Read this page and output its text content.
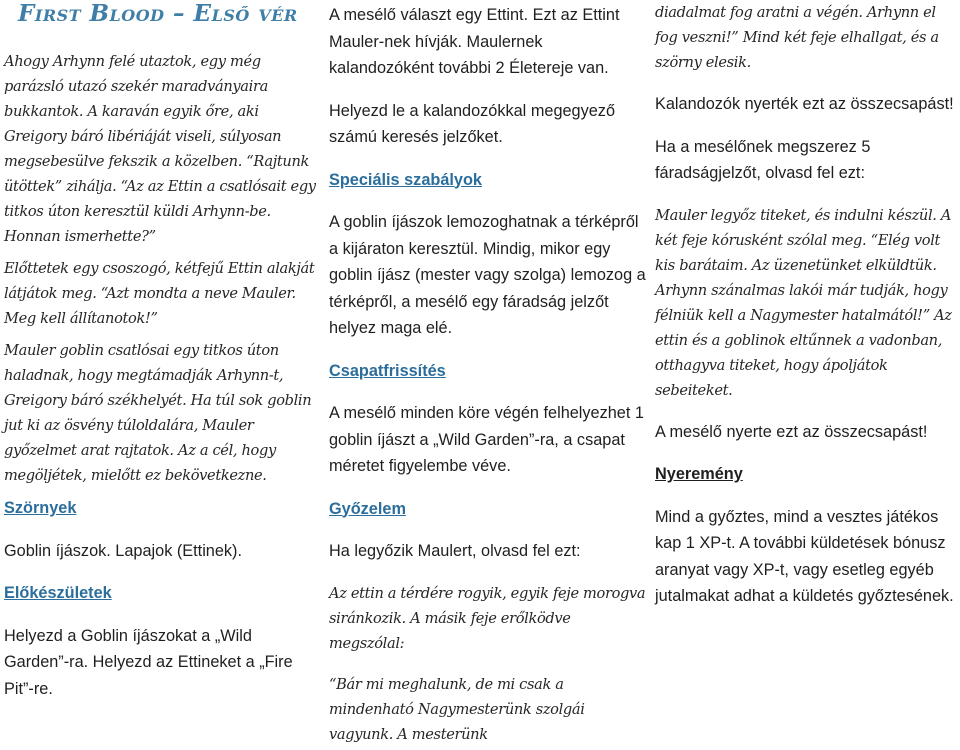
First Blood – Első vér

Ahogy Arhynn felé utaztok, egy még parázsló utazó szekér maradványaira bukkantok. A karaván egyik őre, aki Greigory báró libériáját viseli, súlyosan megsebesülve fekszik a közelben. “Rajtunk ütöttek” zihálja. “Az az Ettin a csatlósait egy titkos úton keresztül küldi Arhynn-be. Honnan ismerhette?”

Előttetek egy csoszogó, kétfejű Ettin alakját látjátok meg. “Azt mondta a neve Mauler. Meg kell állítanotok!”

Mauler goblin csatlósai egy titkos úton haladnak, hogy megtámadják Arhynn-t, Greigory báró székhelyét. Ha túl sok goblin jut ki az ösvény túloldalára, Mauler győzelmet arat rajtatok. Az a cél, hogy megöljétek, mielőtt ez bekövetkezne.

Szörnyek

Goblin íjászok. Lapajok (Ettinek).

Előkészületek

Helyezd a Goblin íjászokat a „Wild Garden”-ra. Helyezd az Ettineket a „Fire Pit”-re.

A mesélő választ egy Ettint. Ezt az Ettint Mauler-nek hívják. Maulernek kalandozóként további 2 Életereje van.

Helyezd le a kalandozókkal megegyező számú keresés jelzőket.

Speciális szabályok

A goblin íjászok lemozoghatnak a térképről a kijáraton keresztül. Mindig, mikor egy goblin íjász (mester vagy szolga) lemozog a térképről, a mesélő egy fáradság jelzőt helyez maga elé.

Csapatfrissítés

A mesélő minden köre végén felhelyezhet 1 goblin íjászt a „Wild Garden”-ra, a csapat méretet figyelembe véve.

Győzelem

Ha legyőzik Maulert, olvasd fel ezt:

Az ettin a térdére rogyik, egyik feje morogva siránkozik. A másik feje erőlködve megszólal:

“Bár mi meghalunk, de mi csak a mindenható Nagymesterünk szolgái vagyunk. A mesterünk

diadalmat fog aratni a végén. Arhynn el fog veszni!” Mind két feje elhallgat, és a szörny elesik.

Kalandozók nyerték ezt az összecsapást!

Ha a mesélőnek megszerez 5 fáradságjelzőt, olvasd fel ezt:

Mauler legyőz titeket, és indulni készül. A két feje kórusként szólal meg. “Elég volt kis barátaim. Az üzenetünket elküldtük. Arhynn szánalmas lakói már tudják, hogy félniük kell a Nagymester hatalmától!” Az ettin és a goblinok eltűnnek a vadonban, otthagyva titeket, hogy ápoljátok sebeiteket.

A mesélő nyerte ezt az összecsapást!

Nyeremény

Mind a győztes, mind a vesztes játékos kap 1 XP-t. A további küldetések bónusz aranyat vagy XP-t, vagy esetleg egyéb jutalmakat adhat a küldetés győztesének.
